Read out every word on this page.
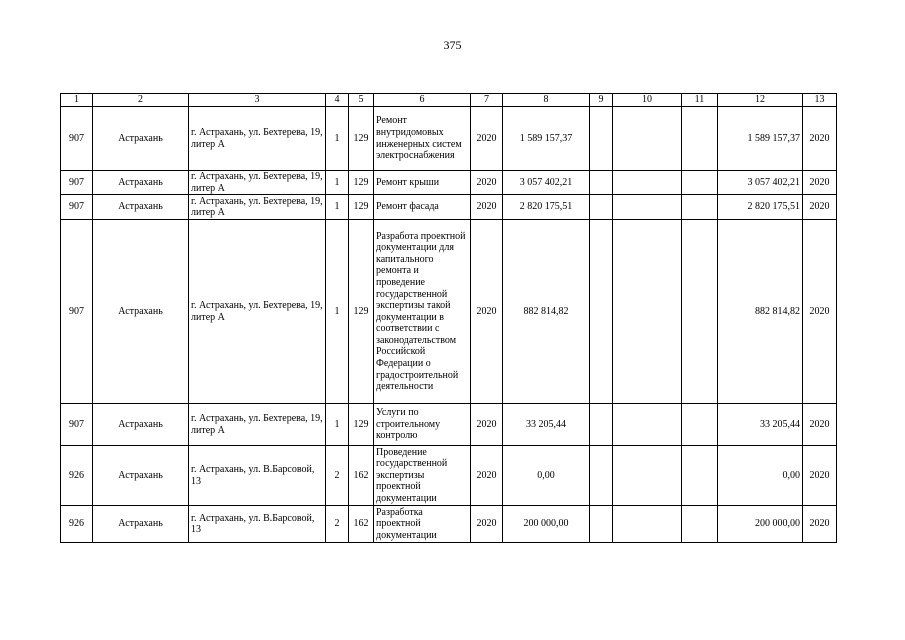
375
1	2	3	4	5	6	7	8	9	10	11	12	13
907	Астрахань	г. Астрахань, ул. Бехтерева, 19, литер А	1	129	Ремонт внутридомовых инженерных систем электроснабжения	2020	1 589 157,37				1 589 157,37	2020
907	Астрахань	г. Астрахань, ул. Бехтерева, 19, литер А	1	129	Ремонт крыши	2020	3 057 402,21				3 057 402,21	2020
907	Астрахань	г. Астрахань, ул. Бехтерева, 19, литер А	1	129	Ремонт фасада	2020	2 820 175,51				2 820 175,51	2020
907	Астрахань	г. Астрахань, ул. Бехтерева, 19, литер А	1	129	Разработа проектной документации для капитального ремонта и проведение государственной экспертизы такой документации в соответствии с законодательством Российской Федерации о градостроительной деятельности	2020	882 814,82				882 814,82	2020
907	Астрахань	г. Астрахань, ул. Бехтерева, 19, литер А	1	129	Услуги по строительному контролю	2020	33 205,44				33 205,44	2020
926	Астрахань	г. Астрахань, ул. В.Барсовой, 13	2	162	Проведение государственной экспертизы проектной документации	2020	0,00				0,00	2020
926	Астрахань	г. Астрахань, ул. В.Барсовой, 13	2	162	Разработка проектной документации	2020	200 000,00				200 000,00	2020
